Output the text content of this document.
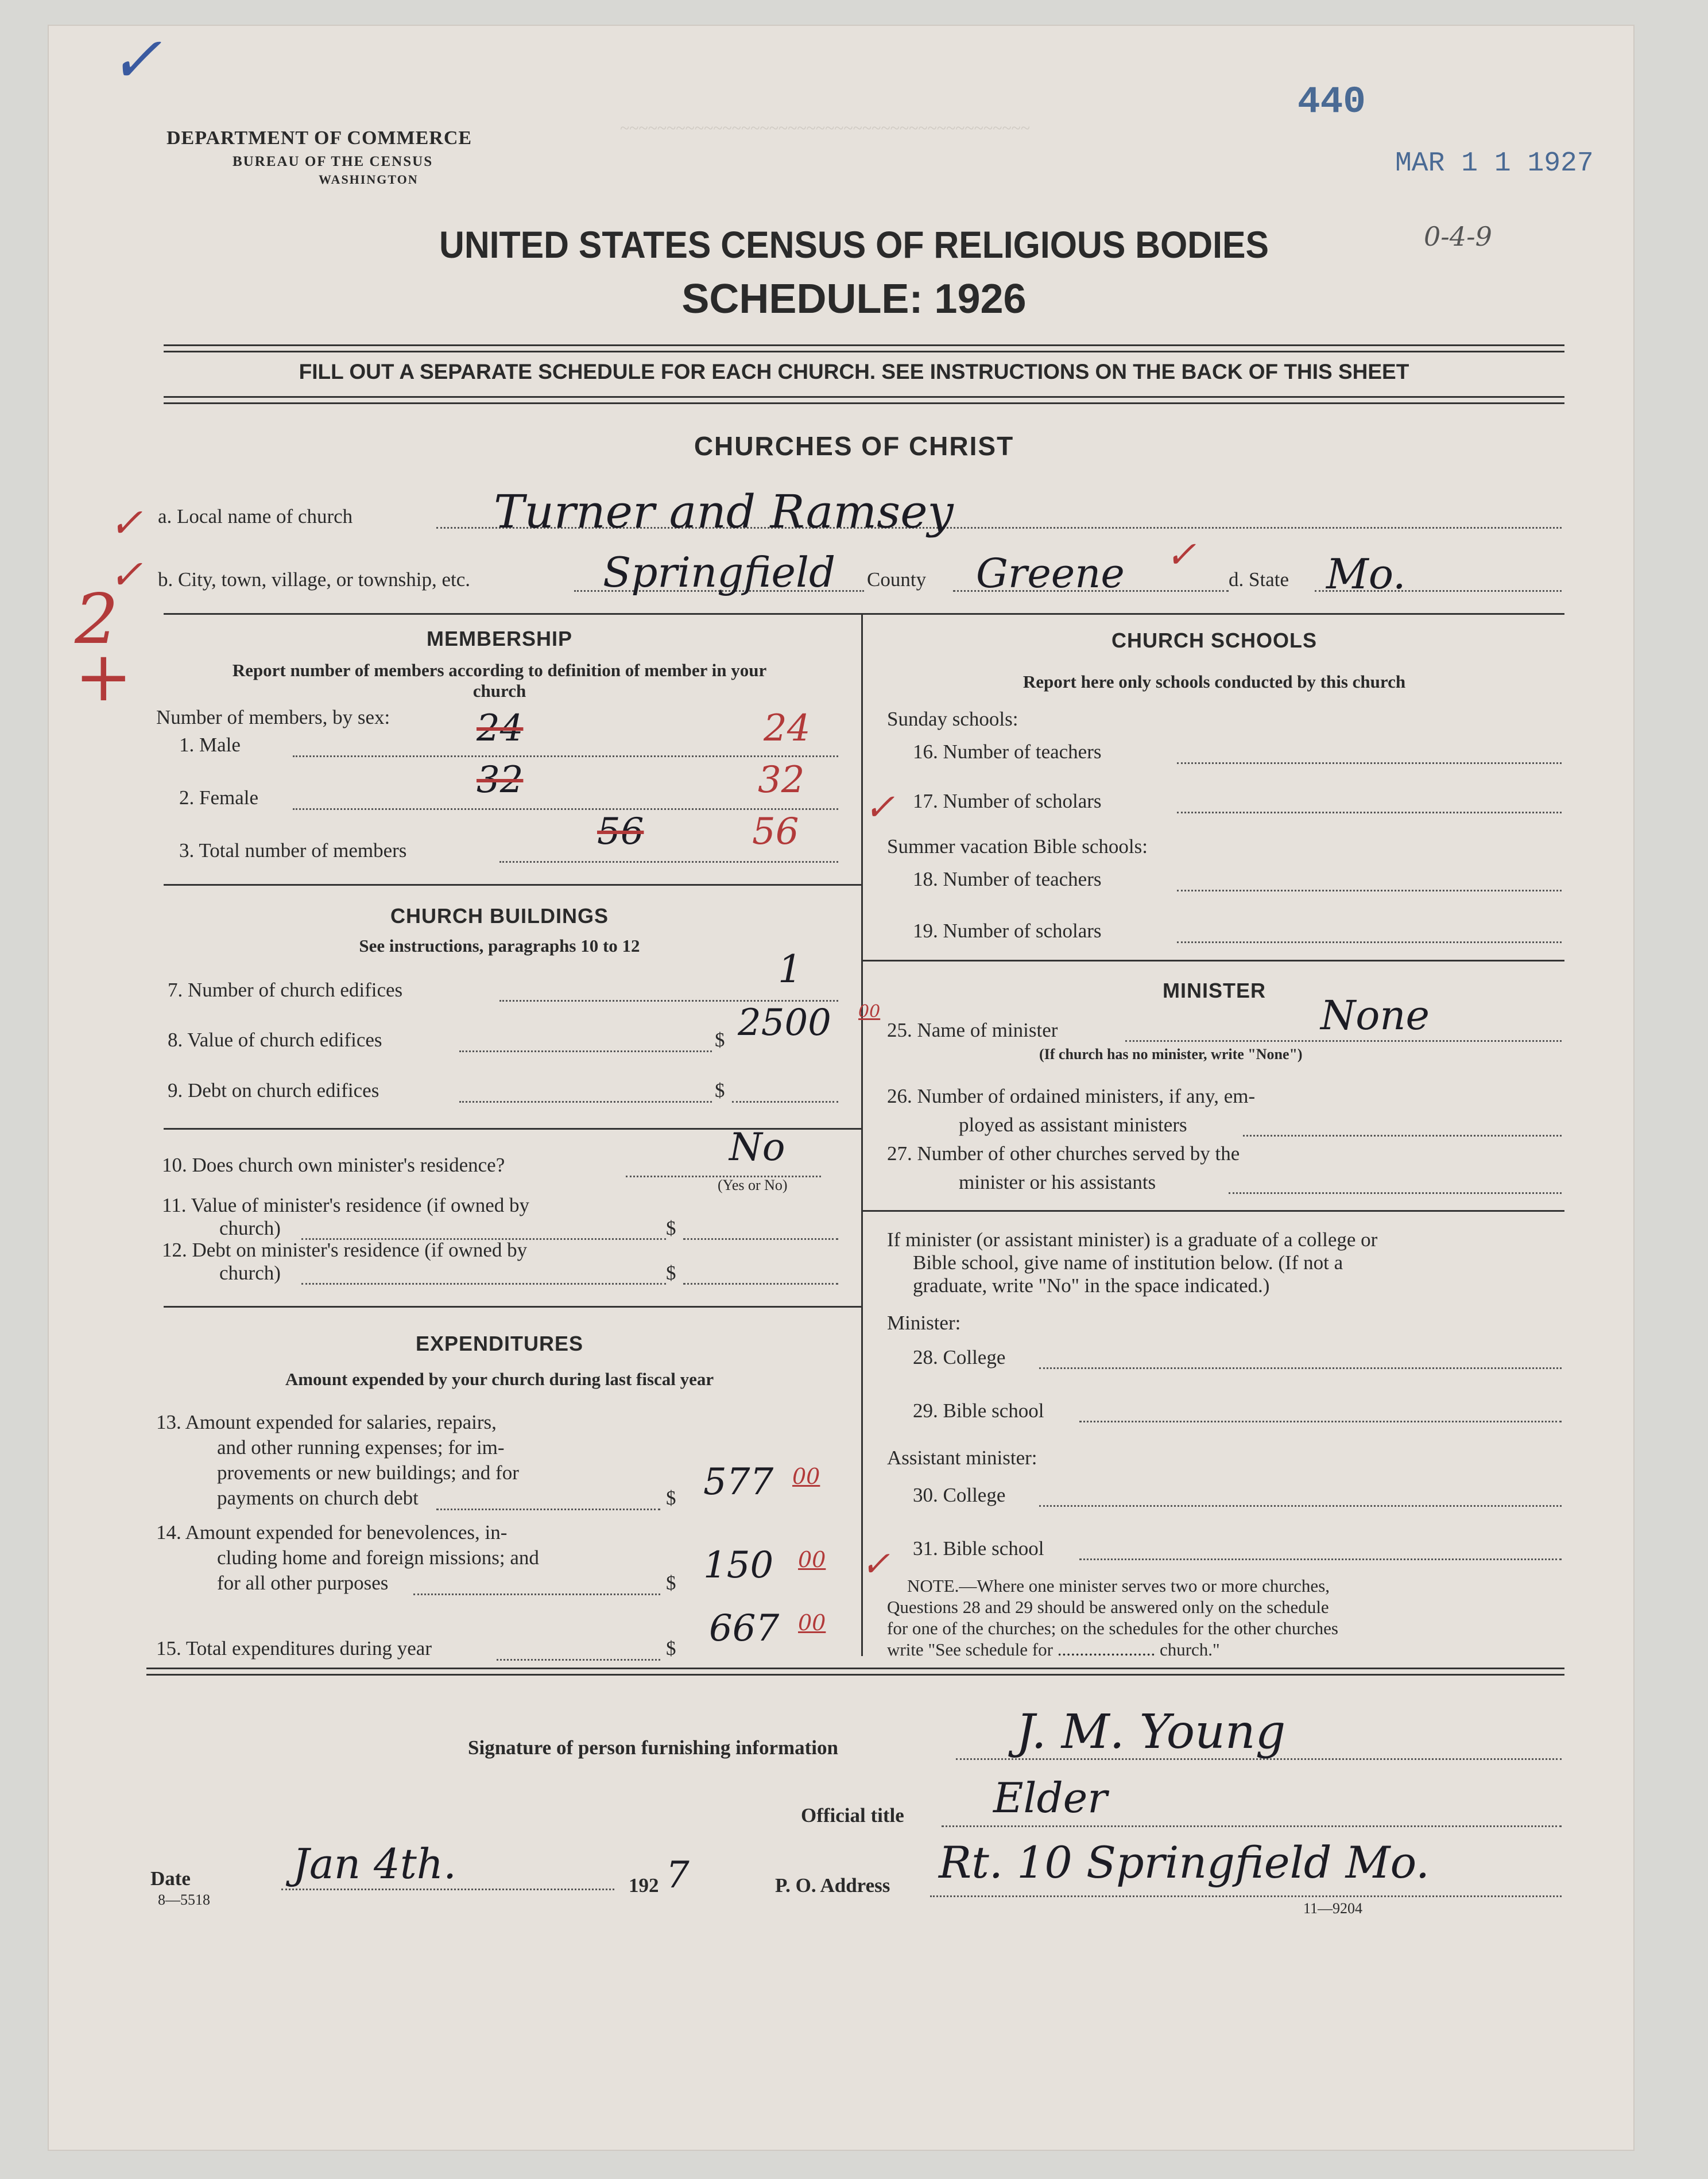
~~~~~~~~~~~~~~~~~~~~~~~~~~~~~~~~~~~~~~~~~~~~
✓
DEPARTMENT OF COMMERCE
BUREAU OF THE CENSUS
WASHINGTON
440
MAR 1 1 1927
0-4-9
UNITED STATES CENSUS OF RELIGIOUS BODIES
SCHEDULE: 1926
FILL OUT A SEPARATE SCHEDULE FOR EACH CHURCH. SEE INSTRUCTIONS ON THE BACK OF THIS SHEET
CHURCHES OF CHRIST
✓ a. Local name of church	Turner and Ramsey
✓ b. City, town, village, or township, etc.	Springfield County Greene ✓
d. State Mo.
2 +	MEMBERSHIP
Report number of members according to definition of member in your church
Number of members, by sex:
1. Male	24	24
2. Female	32	32
3. Total number of members	56	56
CHURCH BUILDINGS
See instructions, paragraphs 10 to 12
7. Number of church edifices	1
8. Value of church edifices	$ 2500 00
9. Debt on church edifices	$
10. Does church own minister's residence?	No
(Yes or No)
11. Value of minister's residence (if owned by
church)	$
12. Debt on minister's residence (if owned by
church)	$
EXPENDITURES
Amount expended by your church during last fiscal year
13. Amount expended for salaries, repairs,
and other running expenses; for im-
provements or new buildings; and for
payments on church debt	$ 577 00
14. Amount expended for benevolences, in-
cluding home and foreign missions; and
for all other purposes	$ 150 00 ✓
15. Total expenditures during year	$ 667 00
CHURCH SCHOOLS
Report here only schools conducted by this church
Sunday schools:
16. Number of teachers
✓ 17. Number of scholars
Summer vacation Bible schools:
18. Number of teachers
19. Number of scholars
MINISTER
25. Name of minister	None
(If church has no minister, write "None")
26. Number of ordained ministers, if any, em-
ployed as assistant ministers
27. Number of other churches served by the
minister or his assistants
If minister (or assistant minister) is a graduate of a college or
Bible school, give name of institution below. (If not a
graduate, write "No" in the space indicated.)
Minister:
28. College
29. Bible school
Assistant minister:
30. College
31. Bible school
NOTE.—Where one minister serves two or more churches,
Questions 28 and 29 should be answered only on the schedule
for one of the churches; on the schedules for the other churches
write "See schedule for ...................... church."
Signature of person furnishing information	J. M. Young
Official title Elder
Date
8—5518
Jan 4th.	192 7	P. O. Address Rt. 10 Springfield Mo.
11—9204
